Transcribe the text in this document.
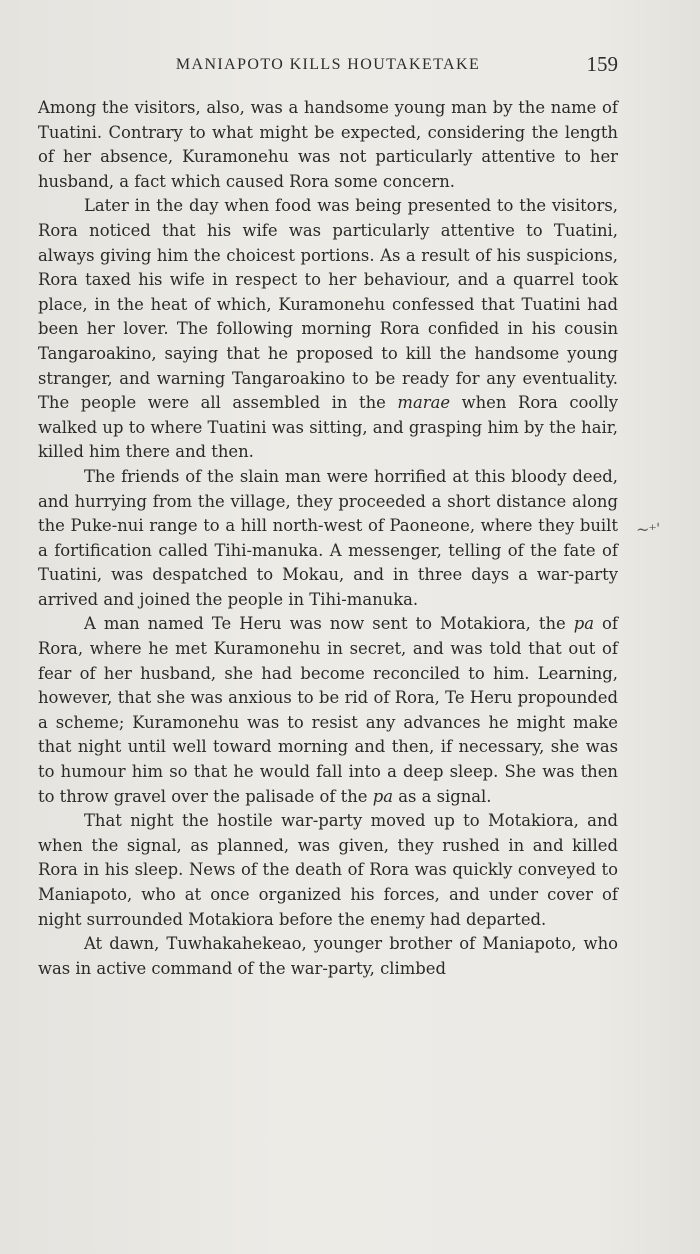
MANIAPOTO KILLS HOUTAKETAKE	159

Among the visitors, also, was a handsome young man by the name of Tuatini. Contrary to what might be expected, considering the length of her absence, Kuramonehu was not particularly attentive to her husband, a fact which caused Rora some concern.

Later in the day when food was being presented to the visitors, Rora noticed that his wife was particularly attentive to Tuatini, always giving him the choicest portions. As a result of his suspicions, Rora taxed his wife in respect to her behaviour, and a quarrel took place, in the heat of which, Kuramonehu confessed that Tuatini had been her lover. The following morning Rora confided in his cousin Tangaroakino, saying that he proposed to kill the handsome young stranger, and warning Tangaroakino to be ready for any eventuality. The people were all assembled in the marae when Rora coolly walked up to where Tuatini was sitting, and grasping him by the hair, killed him there and then.

The friends of the slain man were horrified at this bloody deed, and hurrying from the village, they proceeded a short distance along the Puke-nui range to a hill north-west of Paoneone, where they built a fortification called Tihi-manuka. A messenger, telling of the fate of Tuatini, was despatched to Mokau, and in three days a war-party arrived and joined the people in Tihi-manuka.

A man named Te Heru was now sent to Motakiora, the pa of Rora, where he met Kuramonehu in secret, and was told that out of fear of her husband, she had become reconciled to him. Learning, however, that she was anxious to be rid of Rora, Te Heru propounded a scheme; Kuramonehu was to resist any advances he might make that night until well toward morning and then, if necessary, she was to humour him so that he would fall into a deep sleep. She was then to throw gravel over the palisade of the pa as a signal.

That night the hostile war-party moved up to Motakiora, and when the signal, as planned, was given, they rushed in and killed Rora in his sleep. News of the death of Rora was quickly conveyed to Maniapoto, who at once organized his forces, and under cover of night surrounded Motakiora before the enemy had departed.

At dawn, Tuwhakahekeao, younger brother of Maniapoto, who was in active command of the war-party, climbed

~⁺ˈ
